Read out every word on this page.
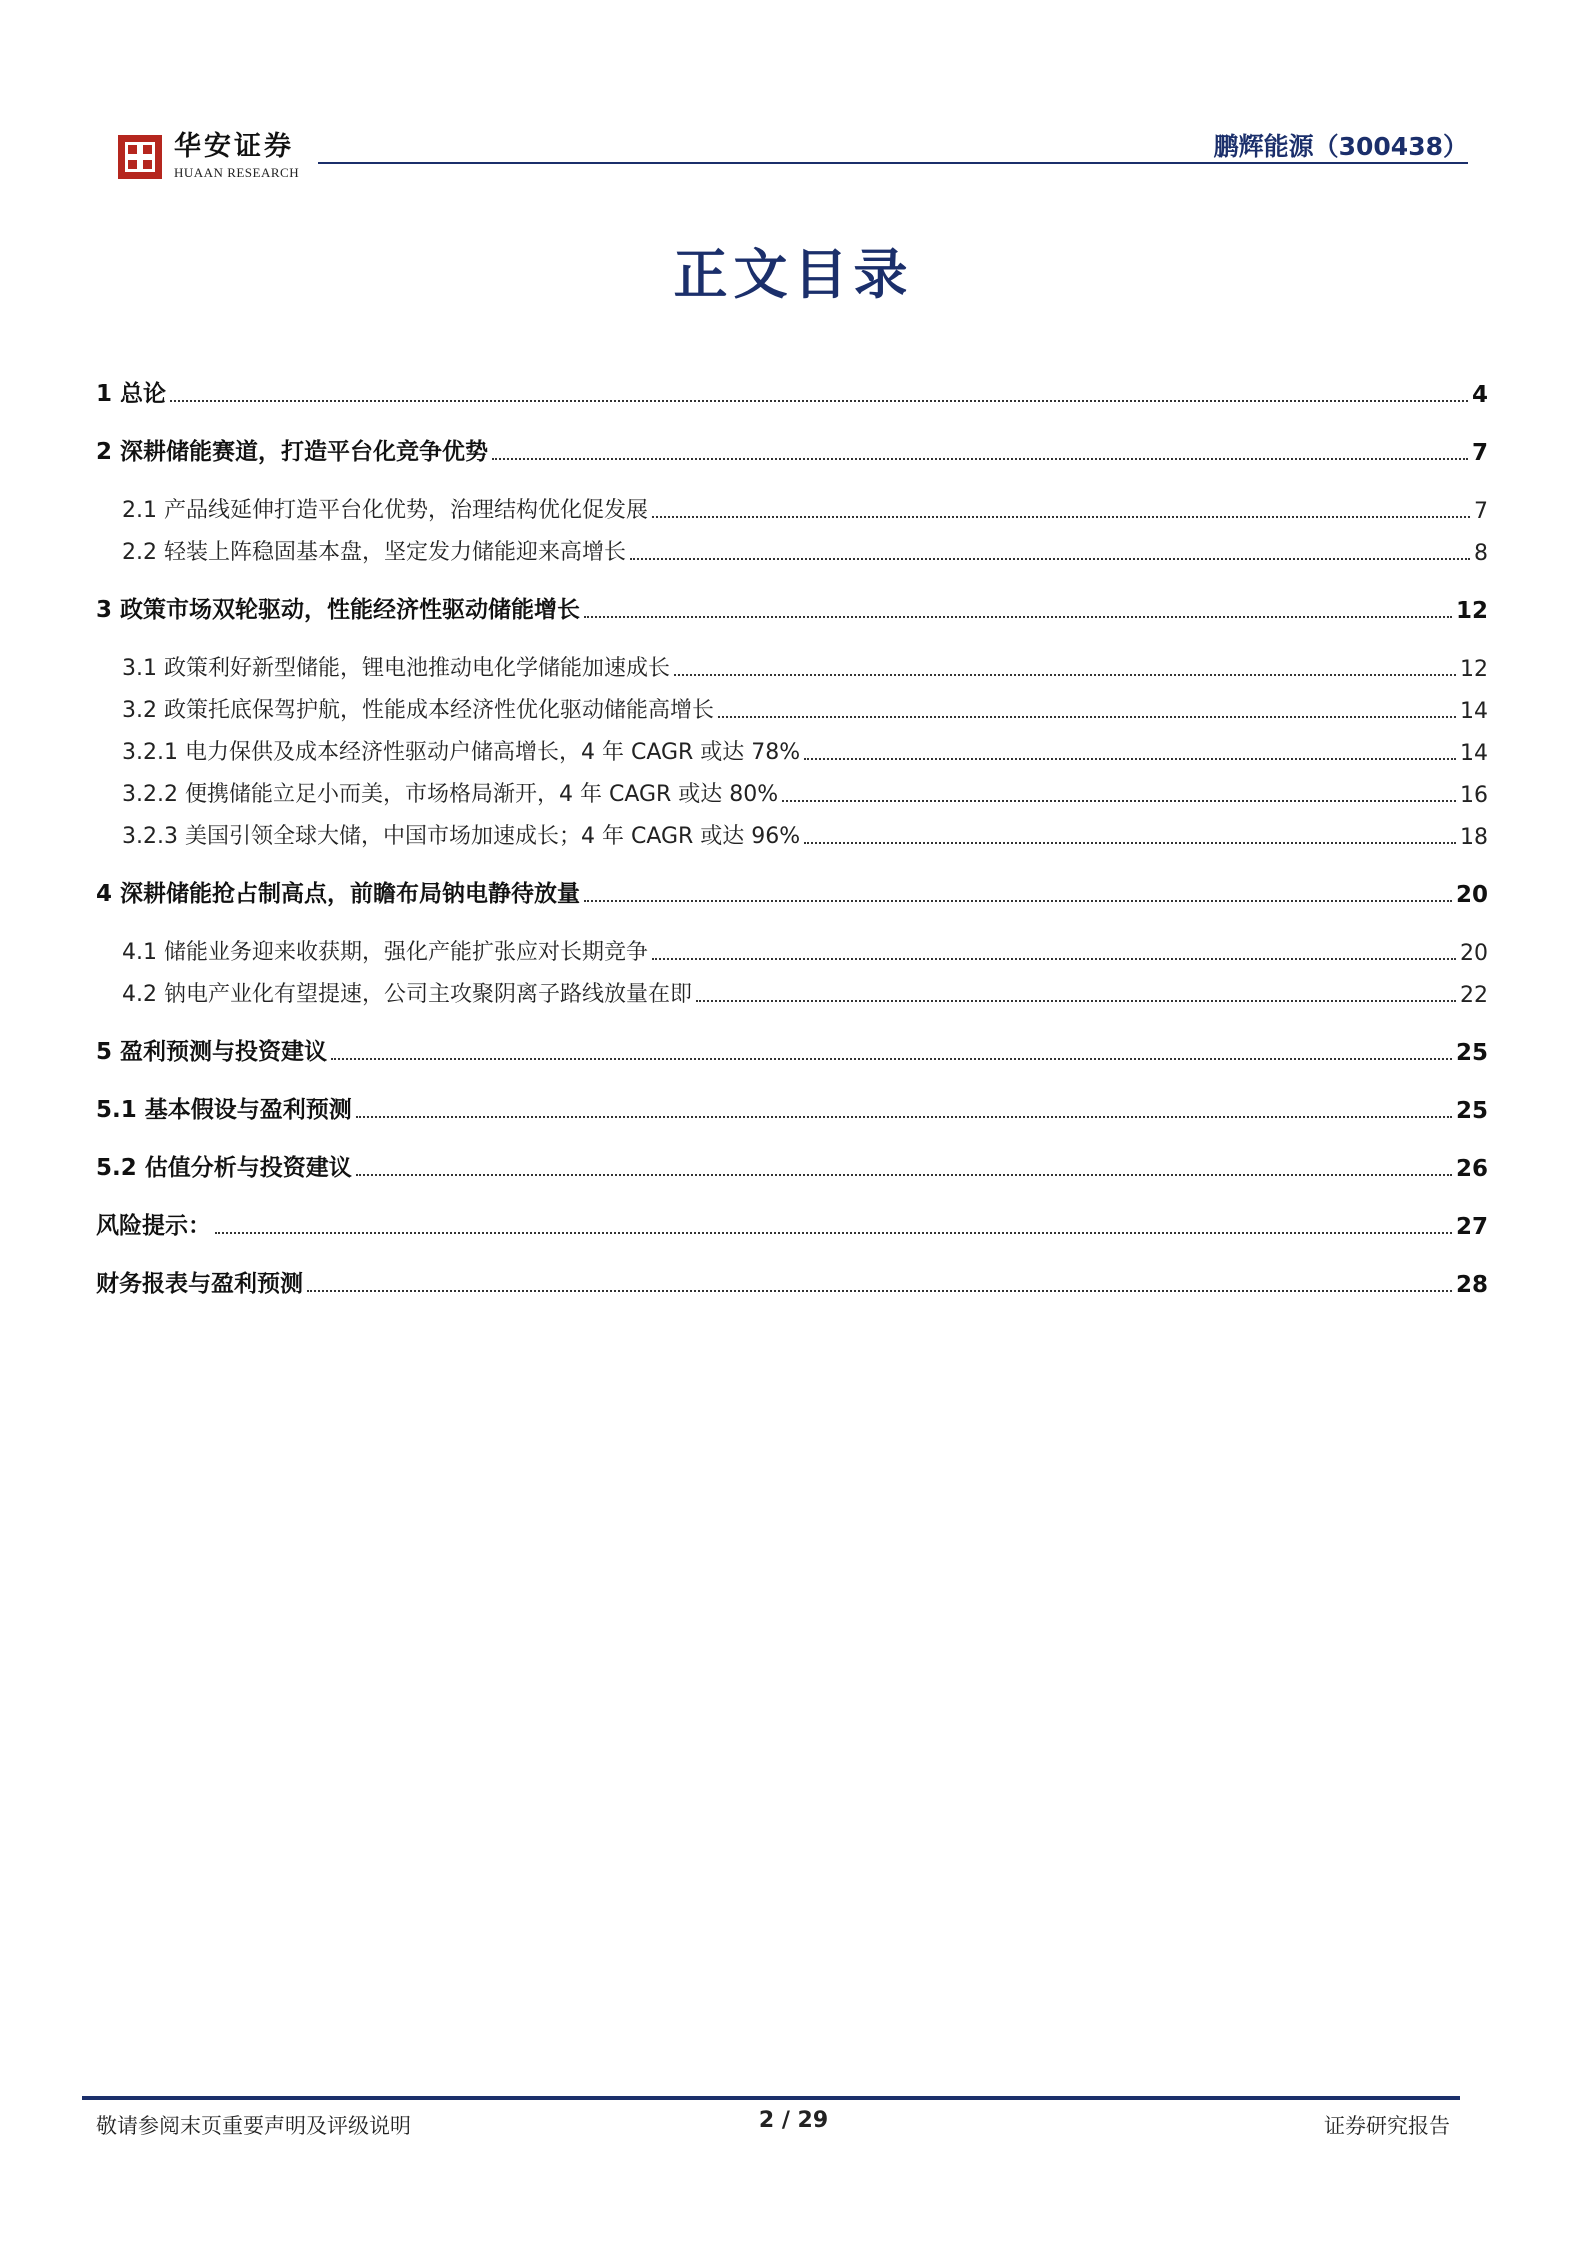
华安证券
HUAAN RESEARCH
鹏辉能源（300438）
正文目录
1 总论	4
2 深耕储能赛道，打造平台化竞争优势	7
2.1 产品线延伸打造平台化优势，治理结构优化促发展	7
2.2 轻装上阵稳固基本盘，坚定发力储能迎来高增长	8
3 政策市场双轮驱动，性能经济性驱动储能增长	12
3.1 政策利好新型储能，锂电池推动电化学储能加速成长	12
3.2 政策托底保驾护航，性能成本经济性优化驱动储能高增长	14
3.2.1 电力保供及成本经济性驱动户储高增长，4 年 CAGR 或达 78%	14
3.2.2 便携储能立足小而美，市场格局渐开，4 年 CAGR 或达 80%	16
3.2.3 美国引领全球大储，中国市场加速成长；4 年 CAGR 或达 96%	18
4 深耕储能抢占制高点，前瞻布局钠电静待放量	20
4.1 储能业务迎来收获期，强化产能扩张应对长期竞争	20
4.2 钠电产业化有望提速，公司主攻聚阴离子路线放量在即	22
5 盈利预测与投资建议	25
5.1 基本假设与盈利预测	25
5.2 估值分析与投资建议	26
风险提示：	27
财务报表与盈利预测	28
敬请参阅末页重要声明及评级说明	2 / 29	证券研究报告
